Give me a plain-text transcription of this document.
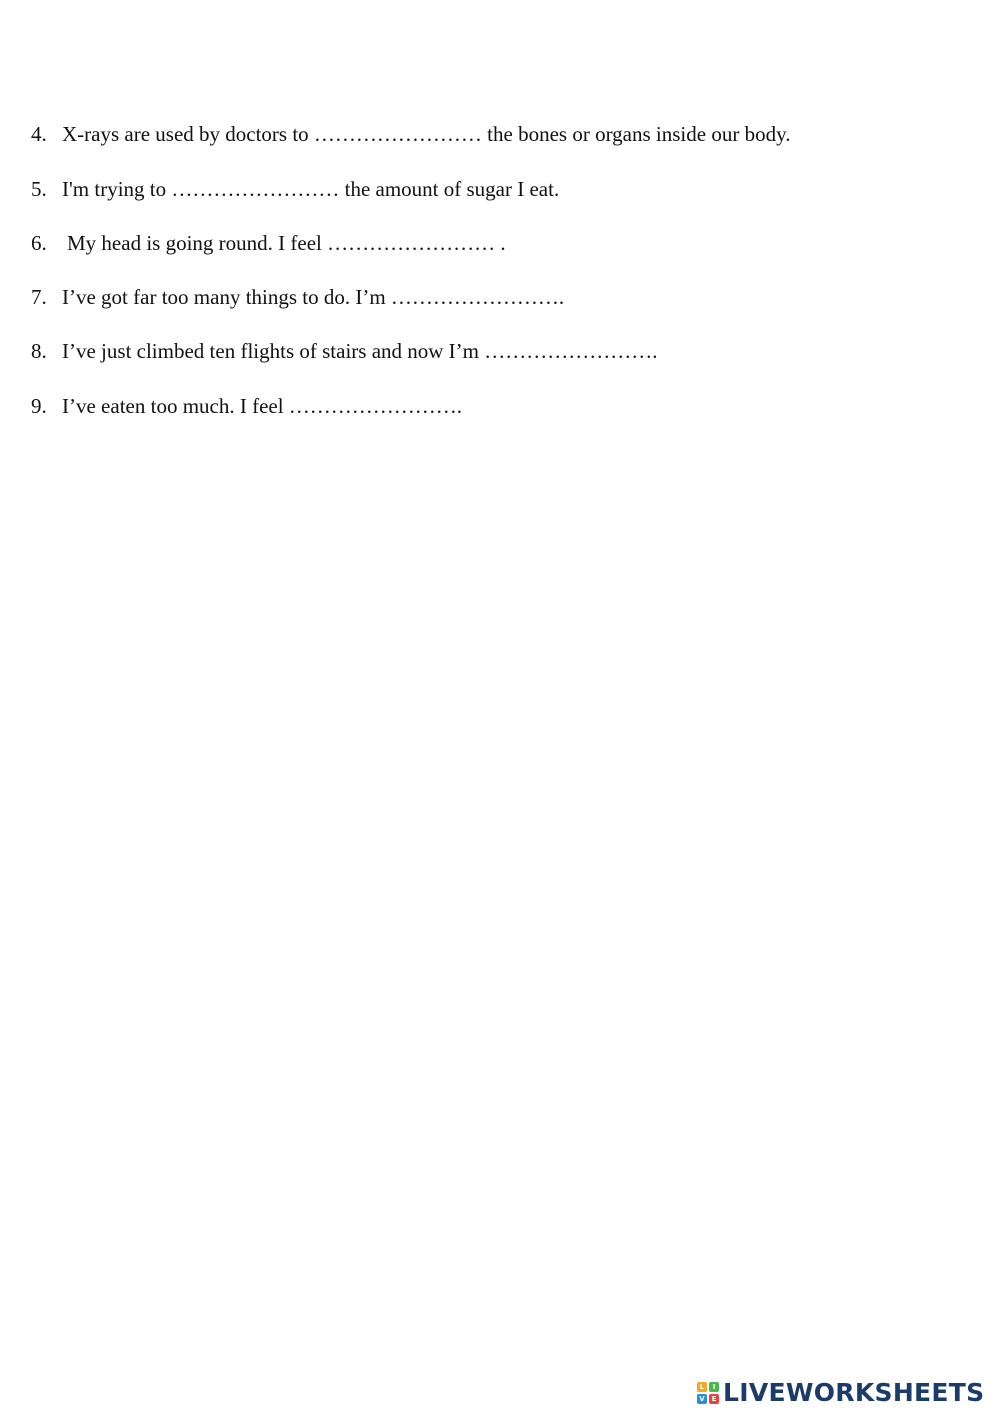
4. X-rays are used by doctors to …………………… the bones or organs inside our body.
5. I'm trying to …………………… the amount of sugar I eat.
6. My head is going round. I feel …………………… .
7. I’ve got far too many things to do. I’m …………………….
8. I’ve just climbed ten flights of stairs and now I’m …………………….
9. I’ve eaten too much. I feel …………………….
L	I
V E LIVEWORKSHEETS
